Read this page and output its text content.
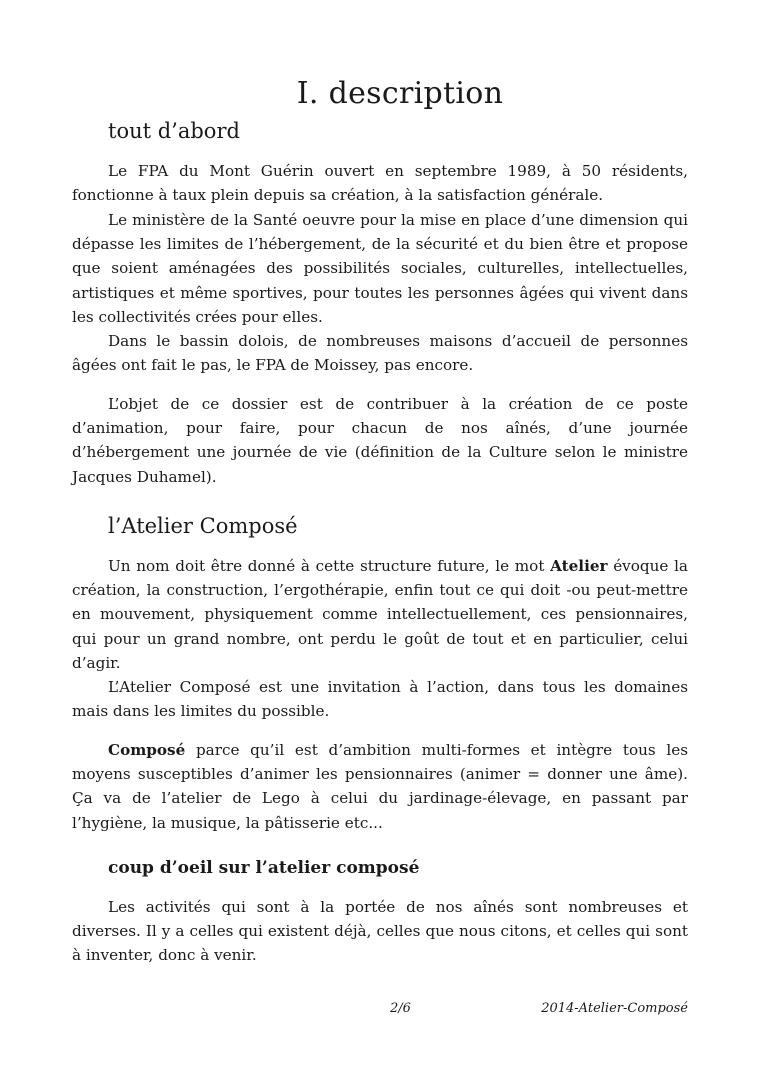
I. description
tout d’abord

Le FPA du Mont Guérin ouvert en septembre 1989, à 50 résidents, fonctionne à taux plein depuis sa création, à la satisfaction générale.

Le ministère de la Santé oeuvre pour la mise en place d’une dimension qui dépasse les limites de l’hébergement, de la sécurité et du bien être et propose que soient aménagées des possibilités sociales, culturelles, intellectuelles, artistiques et même sportives, pour toutes les personnes âgées qui vivent dans les collectivités crées pour elles.

Dans le bassin dolois, de nombreuses maisons d’accueil de personnes âgées ont fait le pas, le FPA de Moissey, pas encore.

L’objet de ce dossier est de contribuer à la création de ce poste d’animation, pour faire, pour chacun de nos aînés, d’une journée d’hébergement une journée de vie (définition de la Culture selon le ministre Jacques Duhamel).

l’Atelier Composé

Un nom doit être donné à cette structure future, le mot Atelier évoque la création, la construction, l’ergothérapie, enfin tout ce qui doit -ou peut-mettre en mouvement, physiquement comme intellectuellement, ces pensionnaires, qui pour un grand nombre, ont perdu le goût de tout et en particulier, celui d’agir.

L’Atelier Composé est une invitation à l’action, dans tous les domaines mais dans les limites du possible.

Composé parce qu’il est d’ambition multi-formes et intègre tous les moyens susceptibles d’animer les pensionnaires (animer = donner une âme). Ça va de l’atelier de Lego à celui du jardinage-élevage, en passant par l’hygiène, la musique, la pâtisserie etc...

coup d’oeil sur l’atelier composé

Les activités qui sont à la portée de nos aînés sont nombreuses et diverses. Il y a celles qui existent déjà, celles que nous citons, et celles qui sont à inventer, donc à venir.

2/6	2014-Atelier-Composé
